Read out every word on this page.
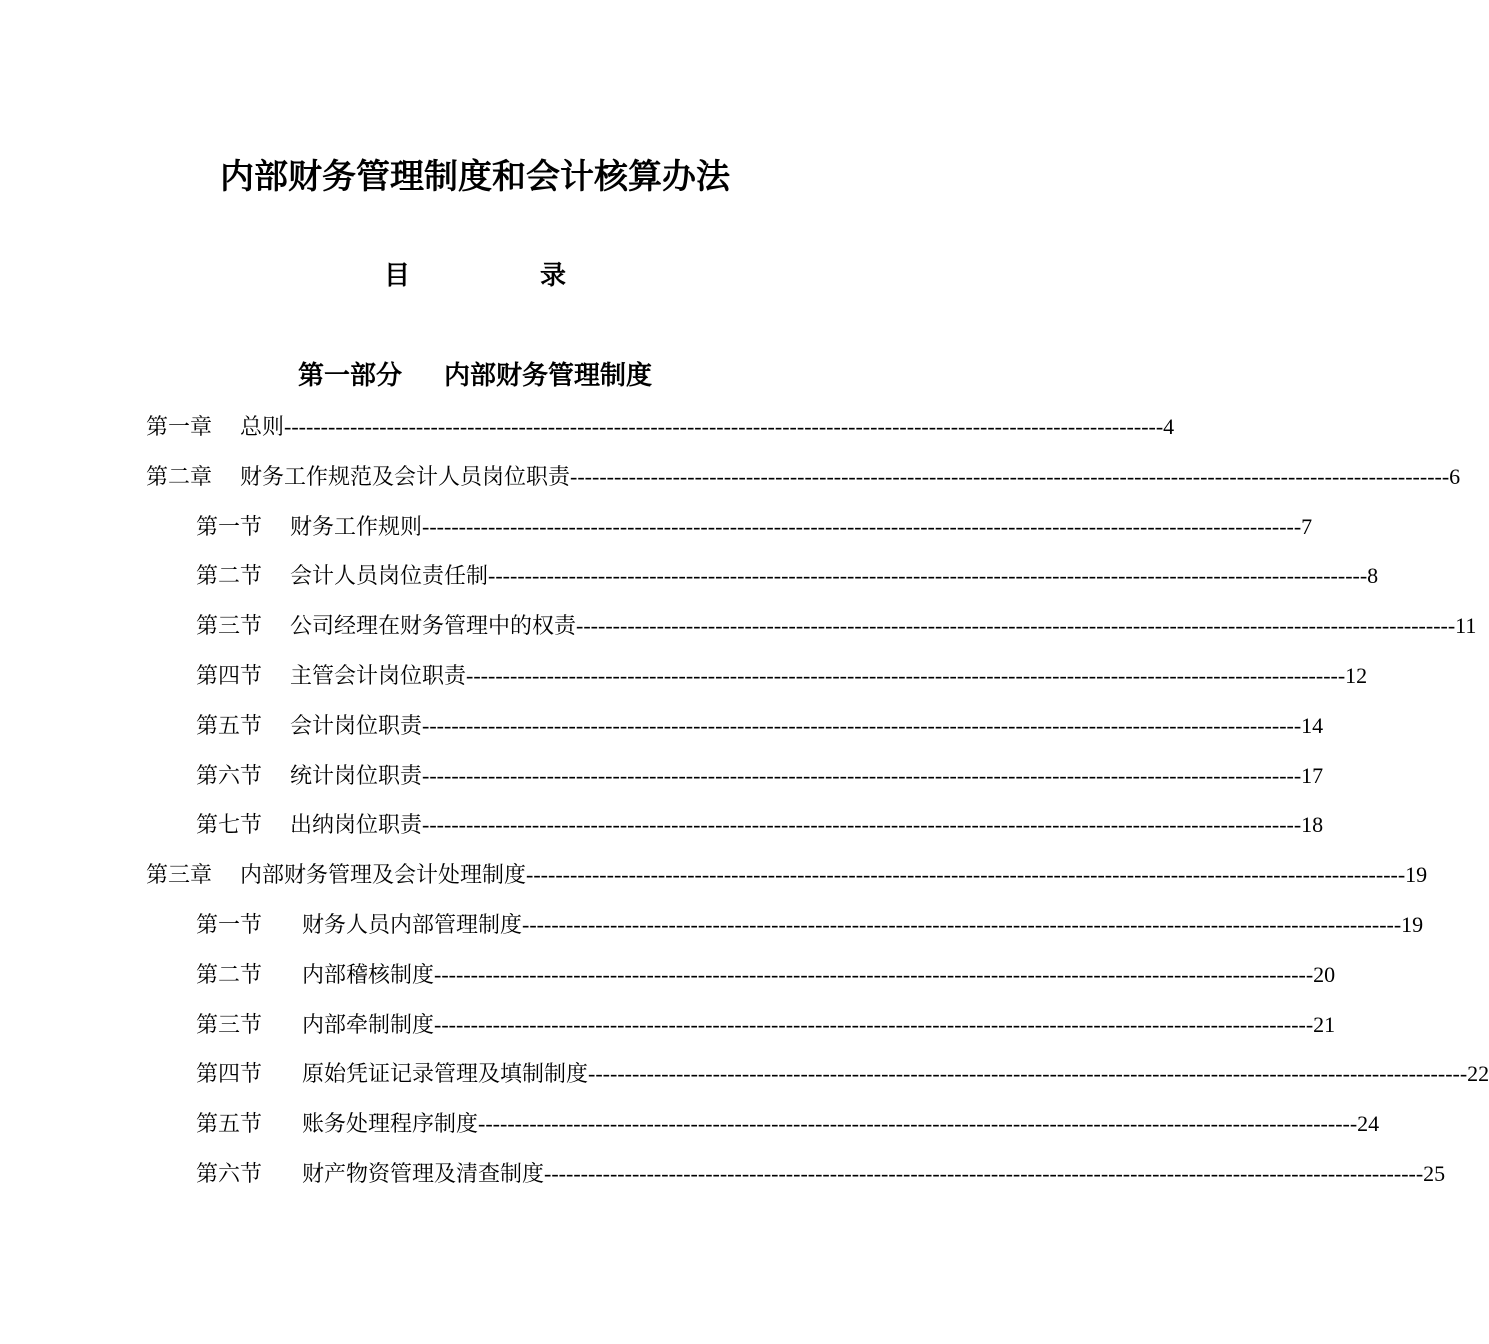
内部财务管理制度和会计核算办法
目	录
第一部分 内部财务管理制度
第一章	总则 ------------------------------------------------------------------------------------------------------------------------ 4
第二章	财务工作规范及会计人员岗位职责 ------------------------------------------------------------------------------------------------------------------------ 6
第一节	财务工作规则 ------------------------------------------------------------------------------------------------------------------------ 7
第二节	会计人员岗位责任制 ------------------------------------------------------------------------------------------------------------------------ 8
第三节	公司经理在财务管理中的权责 ------------------------------------------------------------------------------------------------------------------------ 11
第四节	主管会计岗位职责 ------------------------------------------------------------------------------------------------------------------------ 12
第五节	会计岗位职责 ------------------------------------------------------------------------------------------------------------------------ 14
第六节	统计岗位职责 ------------------------------------------------------------------------------------------------------------------------ 17
第七节	出纳岗位职责 ------------------------------------------------------------------------------------------------------------------------ 18
第三章	内部财务管理及会计处理制度 ------------------------------------------------------------------------------------------------------------------------ 19
第一节	财务人员内部管理制度 ------------------------------------------------------------------------------------------------------------------------ 19
第二节	内部稽核制度 ------------------------------------------------------------------------------------------------------------------------ 20
第三节	内部牵制制度 ------------------------------------------------------------------------------------------------------------------------ 21
第四节	原始凭证记录管理及填制制度 ------------------------------------------------------------------------------------------------------------------------ 22
第五节	账务处理程序制度 ------------------------------------------------------------------------------------------------------------------------ 24
第六节	财产物资管理及清查制度 ------------------------------------------------------------------------------------------------------------------------ 25
